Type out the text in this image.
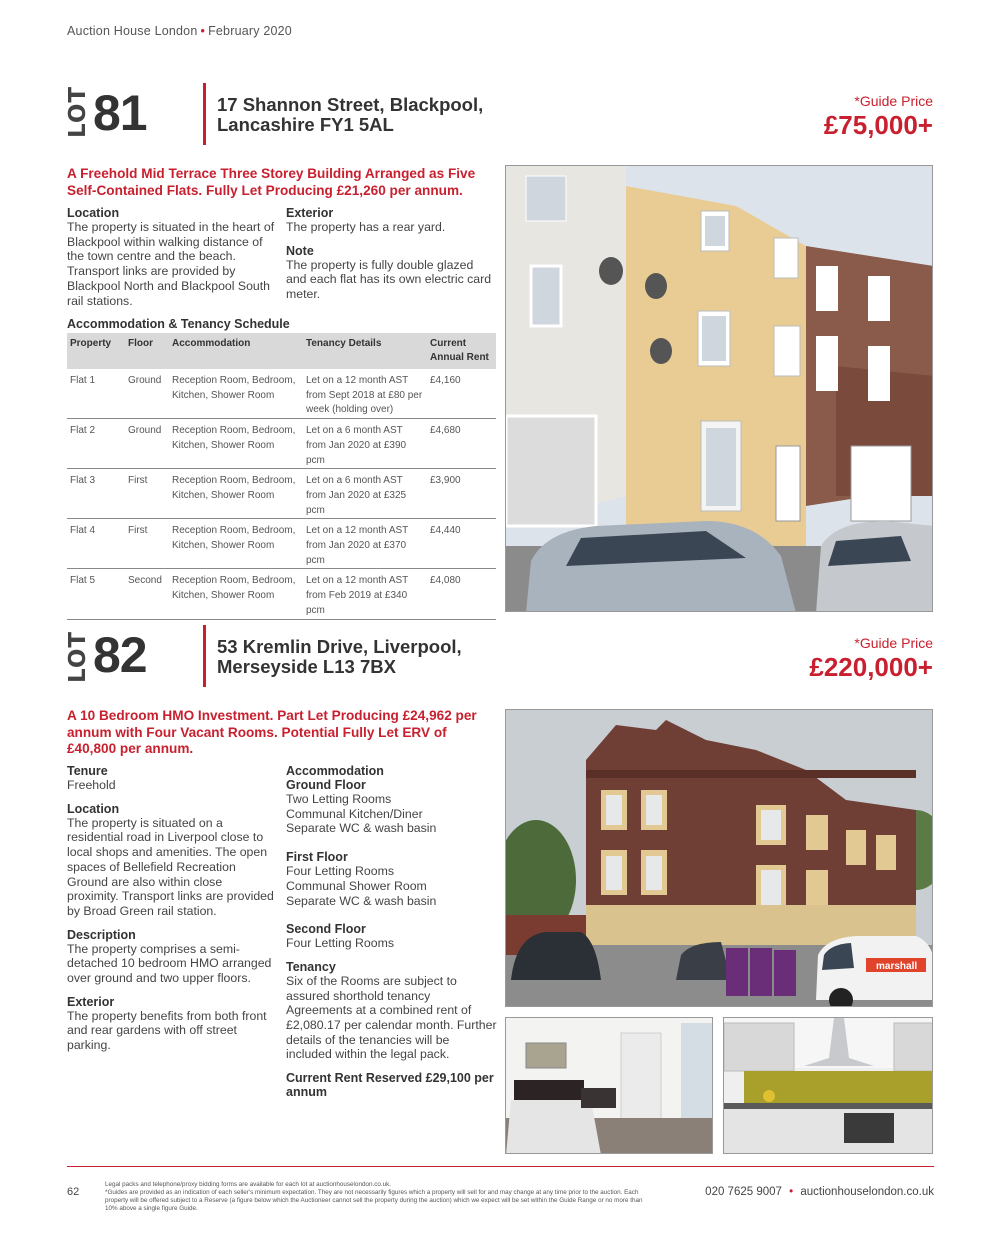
Auction House London • February 2020
LOT 81	17 Shannon Street, Blackpool,
Lancashire FY1 5AL
*Guide Price
£75,000+
A Freehold Mid Terrace Three Storey Building Arranged as Five
Self-Contained Flats. Fully Let Producing £21,260 per annum.
Location
The property is situated in the heart of Blackpool within walking distance of the town centre and the beach. Transport links are provided by Blackpool North and Blackpool South rail stations.
Exterior
The property has a rear yard.
Note
The property is fully double glazed and each flat has its own electric card meter.
Accommodation & Tenancy Schedule
Property	Floor	Accommodation	Tenancy Details	Current Annual Rent
Flat 1	Ground	Reception Room, Bedroom, Kitchen, Shower Room	Let on a 12 month AST from Sept 2018 at £80 per week (holding over)	£4,160
Flat 2	Ground	Reception Room, Bedroom, Kitchen, Shower Room	Let on a 6 month AST from Jan 2020 at £390 pcm	£4,680
Flat 3	First	Reception Room, Bedroom, Kitchen, Shower Room	Let on a 6 month AST from Jan 2020 at £325 pcm	£3,900
Flat 4	First	Reception Room, Bedroom, Kitchen, Shower Room	Let on a 12 month AST from Jan 2020 at £370 pcm	£4,440
Flat 5	Second	Reception Room, Bedroom, Kitchen, Shower Room	Let on a 12 month AST from Feb 2019 at £340 pcm	£4,080
LOT 82	53 Kremlin Drive, Liverpool,
Merseyside L13 7BX
*Guide Price
£220,000+
A 10 Bedroom HMO Investment. Part Let Producing £24,962 per
annum with Four Vacant Rooms. Potential Fully Let ERV of
£40,800 per annum.
Tenure
Freehold
Location
The property is situated on a residential road in Liverpool close to local shops and amenities. The open spaces of Bellefield Recreation Ground are also within close proximity. Transport links are provided by Broad Green rail station.
Description
The property comprises a semi-detached 10 bedroom HMO arranged over ground and two upper floors.
Exterior
The property benefits from both front and rear gardens with off street parking.
Accommodation
Ground Floor
Two Letting Rooms
Communal Kitchen/Diner
Separate WC & wash basin
First Floor
Four Letting Rooms
Communal Shower Room
Separate WC & wash basin
Second Floor
Four Letting Rooms
Tenancy
Six of the Rooms are subject to assured shorthold tenancy Agreements at a combined rent of £2,080.17 per calendar month. Further details of the tenancies will be included within the legal pack.
Current Rent Reserved £29,100 per
annum
marshall
62
Legal packs and telephone/proxy bidding forms are available for each lot at auctionhouselondon.co.uk.
*Guides are provided as an indication of each seller's minimum expectation. They are not necessarily figures which a property will sell for and may change at any time prior to the auction. Each property will be offered subject to a Reserve (a figure below which the Auctioneer cannot sell the property during the auction) which we expect will be set within the Guide Range or no more than 10% above a single figure Guide.
020 7625 9007 • auctionhouselondon.co.uk
